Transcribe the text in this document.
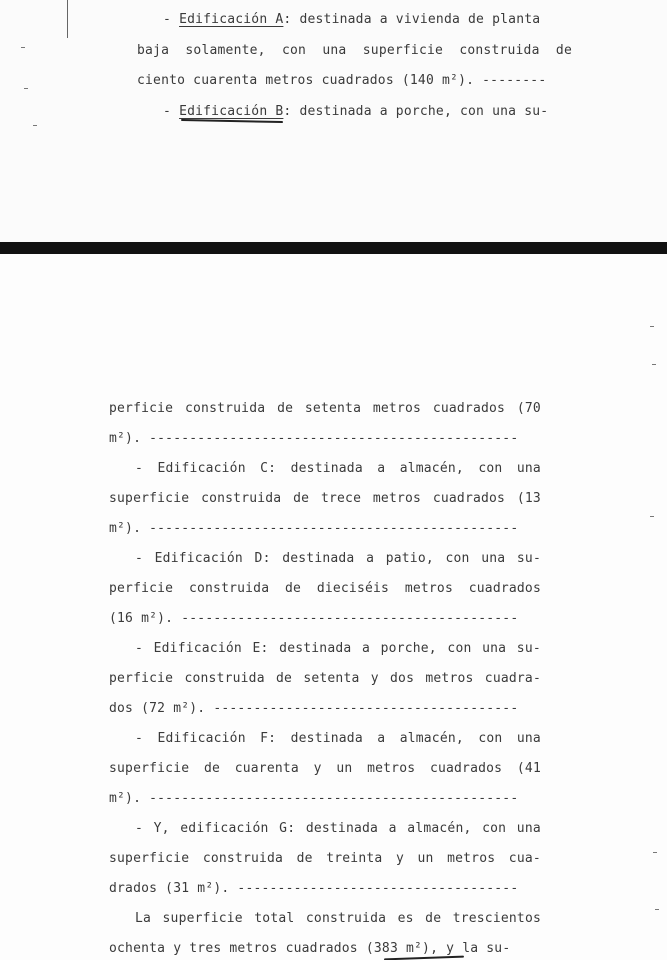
- Edificación A: destinada a vivienda de planta
baja solamente, con una superficie construida de
ciento cuarenta metros cuadrados (140 m²). --------
- Edificación B: destinada a porche, con una su-
perficie construida de setenta metros cuadrados (70
m²). ----------------------------------------------
- Edificación C: destinada a almacén, con una
superficie construida de trece metros cuadrados (13
m²). ----------------------------------------------
- Edificación D: destinada a patio, con una su-
perficie construida de dieciséis metros cuadrados
(16 m²). ------------------------------------------
- Edificación E: destinada a porche, con una su-
perficie construida de setenta y dos metros cuadra-
dos (72 m²). --------------------------------------
- Edificación F: destinada a almacén, con una
superficie de cuarenta y un metros cuadrados (41
m²). ----------------------------------------------
- Y, edificación G: destinada a almacén, con una
superficie construida de treinta y un metros cua-
drados (31 m²). -----------------------------------
La superficie total construida es de trescientos
ochenta y tres metros cuadrados (383 m²), y la su-
